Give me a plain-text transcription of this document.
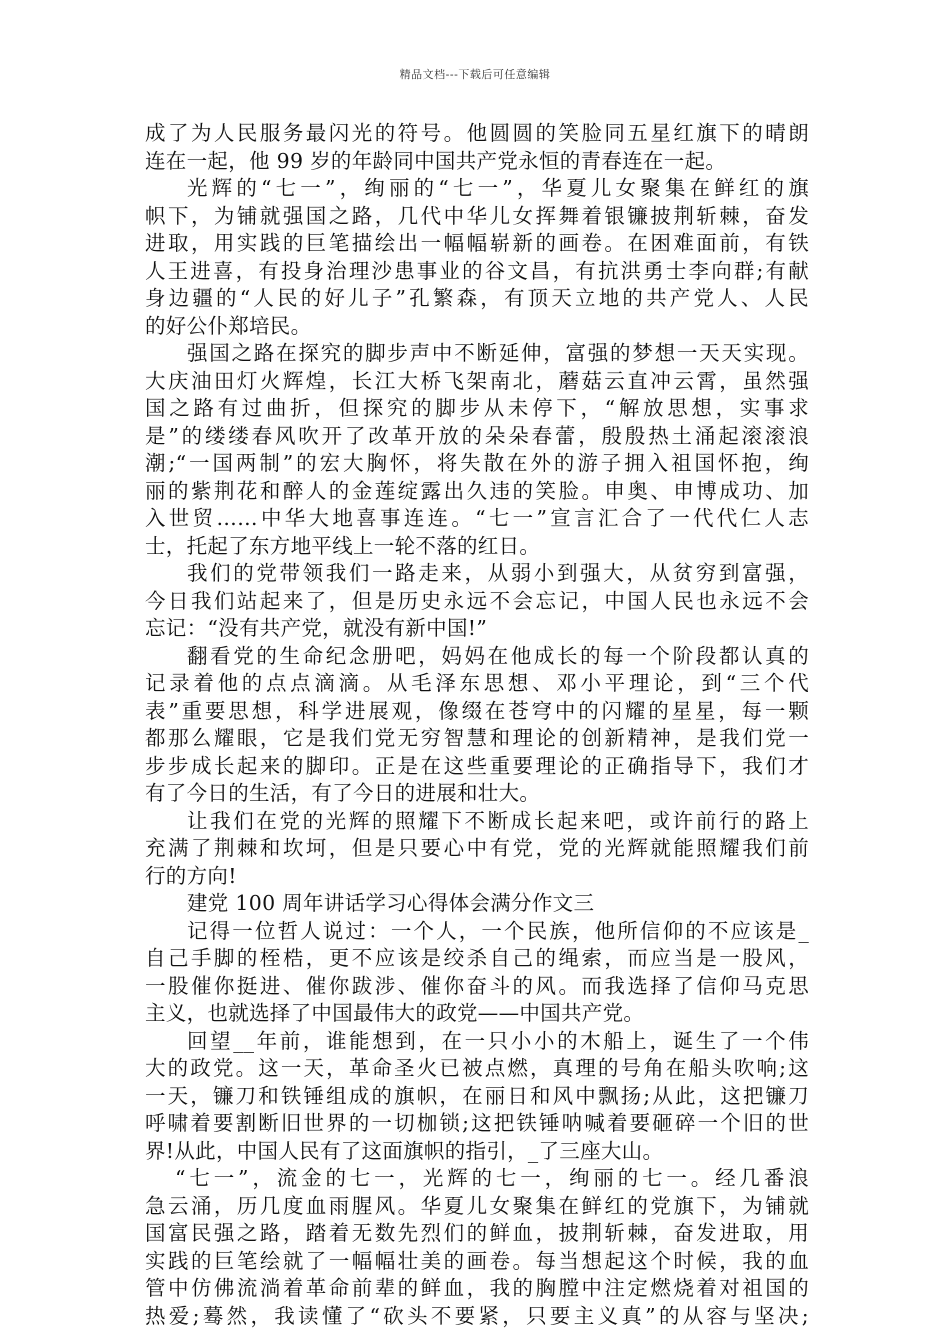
精品文档---下载后可任意编辑
成了为人民服务最闪光的符号。他圆圆的笑脸同五星红旗下的晴朗
连在一起，他 99 岁的年龄同中国共产党永恒的青春连在一起。
光辉的“七一”，绚丽的“七一”，华夏儿女聚集在鲜红的旗
帜下，为铺就强国之路，几代中华儿女挥舞着银镰披荆斩棘，奋发
进取，用实践的巨笔描绘出一幅幅崭新的画卷。在困难面前，有铁
人王进喜，有投身治理沙患事业的谷文昌，有抗洪勇士李向群;有献
身边疆的“人民的好儿子”孔繁森，有顶天立地的共产党人、人民
的好公仆郑培民。
强国之路在探究的脚步声中不断延伸，富强的梦想一天天实现。
大庆油田灯火辉煌，长江大桥飞架南北，蘑菇云直冲云霄，虽然强
国之路有过曲折，但探究的脚步从未停下，“解放思想，实事求
是”的缕缕春风吹开了改革开放的朵朵春蕾，殷殷热土涌起滚滚浪
潮;“一国两制”的宏大胸怀，将失散在外的游子拥入祖国怀抱，绚
丽的紫荆花和醉人的金莲绽露出久违的笑脸。申奥、申博成功、加
入世贸……中华大地喜事连连。“七一”宣言汇合了一代代仁人志
士，托起了东方地平线上一轮不落的红日。
我们的党带领我们一路走来，从弱小到强大，从贫穷到富强，
今日我们站起来了，但是历史永远不会忘记，中国人民也永远不会
忘记：“没有共产党，就没有新中国!”
翻看党的生命纪念册吧，妈妈在他成长的每一个阶段都认真的
记录着他的点点滴滴。从毛泽东思想、邓小平理论，到“三个代
表”重要思想，科学进展观，像缀在苍穹中的闪耀的星星，每一颗
都那么耀眼，它是我们党无穷智慧和理论的创新精神，是我们党一
步步成长起来的脚印。正是在这些重要理论的正确指导下，我们才
有了今日的生活，有了今日的进展和壮大。
让我们在党的光辉的照耀下不断成长起来吧，或许前行的路上
充满了荆棘和坎坷，但是只要心中有党，党的光辉就能照耀我们前
行的方向!
建党 100 周年讲话学习心得体会满分作文三
记得一位哲人说过：一个人，一个民族，他所信仰的不应该是_
自己手脚的桎梏，更不应该是绞杀自己的绳索，而应当是一股风，
一股催你挺进、催你跋涉、催你奋斗的风。而我选择了信仰马克思
主义，也就选择了中国最伟大的政党——中国共产党。
回望__年前，谁能想到，在一只小小的木船上，诞生了一个伟
大的政党。这一天，革命圣火已被点燃，真理的号角在船头吹响;这
一天，镰刀和铁锤组成的旗帜，在丽日和风中飘扬;从此，这把镰刀
呼啸着要割断旧世界的一切枷锁;这把铁锤呐喊着要砸碎一个旧的世
界!从此，中国人民有了这面旗帜的指引，_了三座大山。
“七一”，流金的七一，光辉的七一，绚丽的七一。经几番浪
急云涌，历几度血雨腥风。华夏儿女聚集在鲜红的党旗下，为铺就
国富民强之路，踏着无数先烈们的鲜血，披荆斩棘，奋发进取，用
实践的巨笔绘就了一幅幅壮美的画卷。每当想起这个时候，我的血
管中仿佛流淌着革命前辈的鲜血，我的胸膛中注定燃烧着对祖国的
热爱;蓦然，我读懂了“砍头不要紧，只要主义真”的从容与坚决;
